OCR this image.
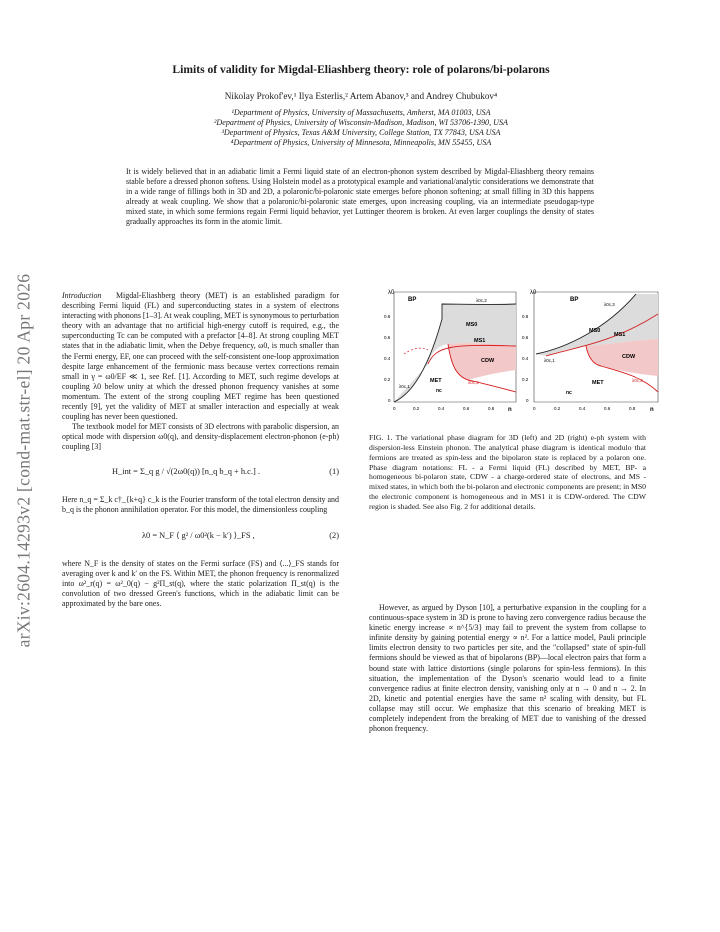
arXiv:2604.14293v2 [cond-mat.str-el] 20 Apr 2026
Limits of validity for Migdal-Eliashberg theory: role of polarons/bi-polarons
Nikolay Prokof'ev,¹ Ilya Esterlis,² Artem Abanov,³ and Andrey Chubukov⁴
¹Department of Physics, University of Massachusetts, Amherst, MA 01003, USA
²Department of Physics, University of Wisconsin-Madison, Madison, WI 53706-1390, USA
³Department of Physics, Texas A&M University, College Station, TX 77843, USA USA
⁴Department of Physics, University of Minnesota, Minneapolis, MN 55455, USA
It is widely believed that in an adiabatic limit a Fermi liquid state of an electron-phonon system described by Migdal-Eliashberg theory remains stable before a dressed phonon softens. Using Holstein model as a prototypical example and variational/analytic considerations we demonstrate that in a wide range of fillings both in 3D and 2D, a polaronic/bi-polaronic state emerges before phonon softening; at small filling in 3D this happens already at weak coupling. We show that a polaronic/bi-polaronic state emerges, upon increasing coupling, via an intermediate pseudogap-type mixed state, in which some fermions regain Fermi liquid behavior, yet Luttinger theorem is broken. At even larger couplings the density of states gradually approaches its form in the atomic limit.

Introduction Migdal-Eliashberg theory (MET) is an established paradigm for describing Fermi liquid (FL) and superconducting states in a system of electrons interacting with phonons [1–3]. At weak coupling, MET is synonymous to perturbation theory with an advantage that no artificial high-energy cutoff is required, e.g., the superconducting Tc can be computed with a prefactor [4–8]. At strong coupling MET states that in the adiabatic limit, when the Debye frequency, ω0, is much smaller than the Fermi energy, EF, one can proceed with the self-consistent one-loop approximation despite large enhancement of the fermionic mass because vertex corrections remain small in γ = ω0/EF ≪ 1, see Ref. [1]. According to MET, such regime develops at coupling λ0 below unity at which the dressed phonon frequency vanishes at some momentum. The extent of the strong coupling MET regime has been questioned recently [9], yet the validity of MET at smaller interaction and especially at weak coupling has never been questioned.

The textbook model for MET consists of 3D electrons with parabolic dispersion, an optical mode with dispersion ω0(q), and density-displacement electron-phonon (e-ph) coupling [3]

H_int = Σ_q g / √(2ω0(q)) [n_q b_q + h.c.] .	(1)

Here n_q = Σ_k c†_{k+q} c_k is the Fourier transform of the total electron density and b_q is the phonon annihilation operator. For this model, the dimensionless coupling

λ0 = N_F ⟨ g² / ω0²(k − k′) ⟩_FS ,	(2)

where N_F is the density of states on the Fermi surface (FS) and ⟨...⟩_FS stands for averaging over k and k′ on the FS. Within MET, the phonon frequency is renormalized into ω²_r(q) = ω²_0(q) − g²Π_st(q), where the static polarization Π_st(q) is the convolution of two dressed Green's functions, which in the adiabatic limit can be approximated by the bare ones.

λ0
0.8
0.6
0.4
0.2
0
0	0.2	0.4	0.6	0.8 n
nc
BP
MS0
MS1
CDW
MET
λ0c,2
λ0c,1
λ0c,2
λ0
0.8
0.6
0.4
0.2
0
0	0.2	0.4	0.6	0.8 n
nc
BP
MS0
MS1
CDW
MET
λ0c,3
λ0c,1
λ0c,2
FIG. 1. The variational phase diagram for 3D (left) and 2D (right) e-ph system with dispersion-less Einstein phonon. The analytical phase diagram is identical modulo that fermions are treated as spin-less and the bipolaron state is replaced by a polaron one. Phase diagram notations: FL - a Fermi liquid (FL) described by MET, BP- a homogeneous bi-polaron state, CDW - a charge-ordered state of electrons, and MS - mixed states, in which both the bi-polaron and electronic components are present; in MS0 the electronic component is homogeneous and in MS1 it is CDW-ordered. The CDW region is shaded. See also Fig. 2 for additional details.

However, as argued by Dyson [10], a perturbative expansion in the coupling for a continuous-space system in 3D is prone to having zero convergence radius because the kinetic energy increase ∝ n^{5/3} may fail to prevent the system from collapse to infinite density by gaining potential energy ∝ n². For a lattice model, Pauli principle limits electron density to two particles per site, and the "collapsed" state of spin-full fermions should be viewed as that of bipolarons (BP)—local electron pairs that form a bound state with lattice distortions (single polarons for spin-less fermions). In this situation, the implementation of the Dyson's scenario would lead to a finite convergence radius at finite electron density, vanishing only at n → 0 and n → 2. In 2D, kinetic and potential energies have the same n² scaling with density, but FL collapse may still occur. We emphasize that this scenario of breaking MET is completely independent from the breaking of MET due to vanishing of the dressed phonon frequency.
